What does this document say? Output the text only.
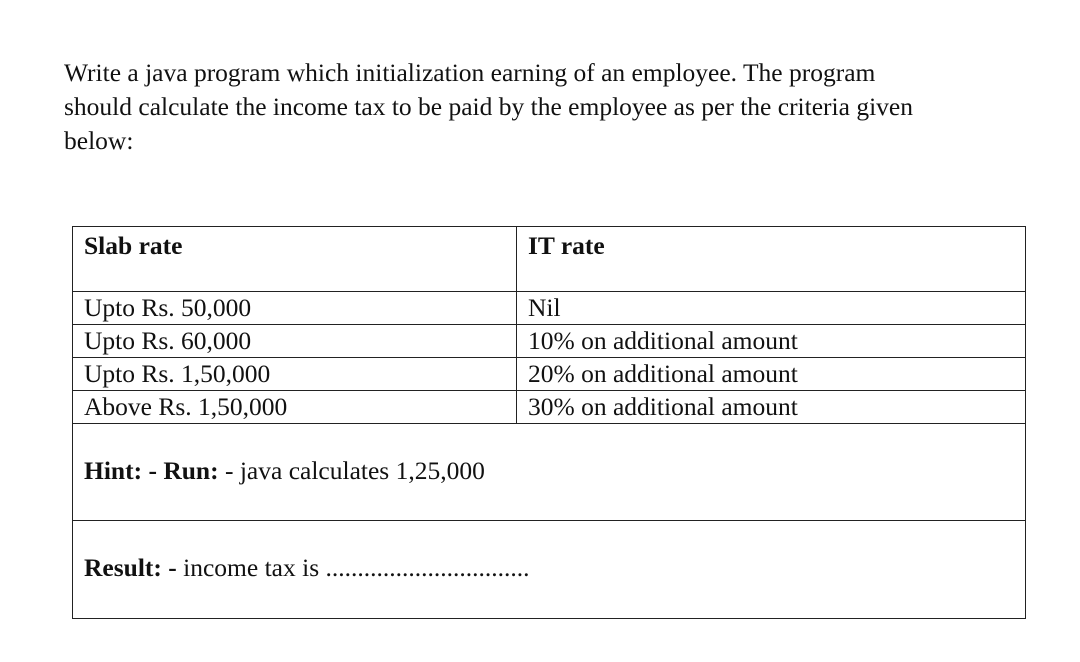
Write a java program which initialization earning of an employee. The program
should calculate the income tax to be paid by the employee as per the criteria given
below:

Slab rate	IT rate
Upto Rs. 50,000	Nil
Upto Rs. 60,000	10% on additional amount
Upto Rs. 1,50,000	20% on additional amount
Above Rs. 1,50,000	30% on additional amount
Hint: - Run: - java calculates 1,25,000	
Result: - income tax is ................................	
